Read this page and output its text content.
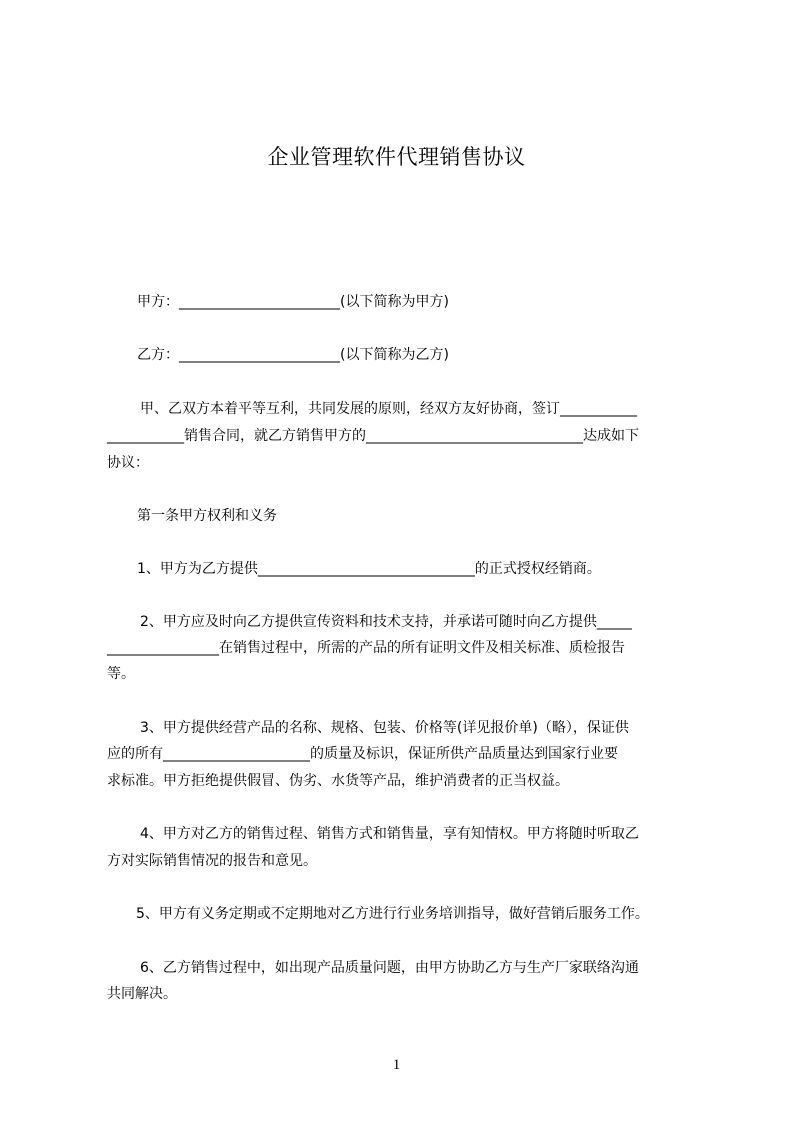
企业管理软件代理销售协议
甲方：_______________________(以下简称为甲方)
乙方：_______________________(以下简称为乙方)
甲、乙双方本着平等互利，共同发展的原则，经双方友好协商，签订___________
___________销售合同，就乙方销售甲方的_______________________________达成如下
协议：
第一条甲方权利和义务
1、甲方为乙方提供_______________________________的正式授权经销商。
2、甲方应及时向乙方提供宣传资料和技术支持，并承诺可随时向乙方提供_____
________________在销售过程中，所需的产品的所有证明文件及相关标准、质检报告
等。
3、甲方提供经营产品的名称、规格、包装、价格等(详见报价单)（略），保证供
应的所有_____________________的质量及标识，保证所供产品质量达到国家行业要
求标准。甲方拒绝提供假冒、伪劣、水货等产品，维护消费者的正当权益。
4、甲方对乙方的销售过程、销售方式和销售量，享有知情权。甲方将随时听取乙
方对实际销售情况的报告和意见。
5、甲方有义务定期或不定期地对乙方进行行业务培训指导，做好营销后服务工作。
6、乙方销售过程中，如出现产品质量问题，由甲方协助乙方与生产厂家联络沟通
共同解决。
1
